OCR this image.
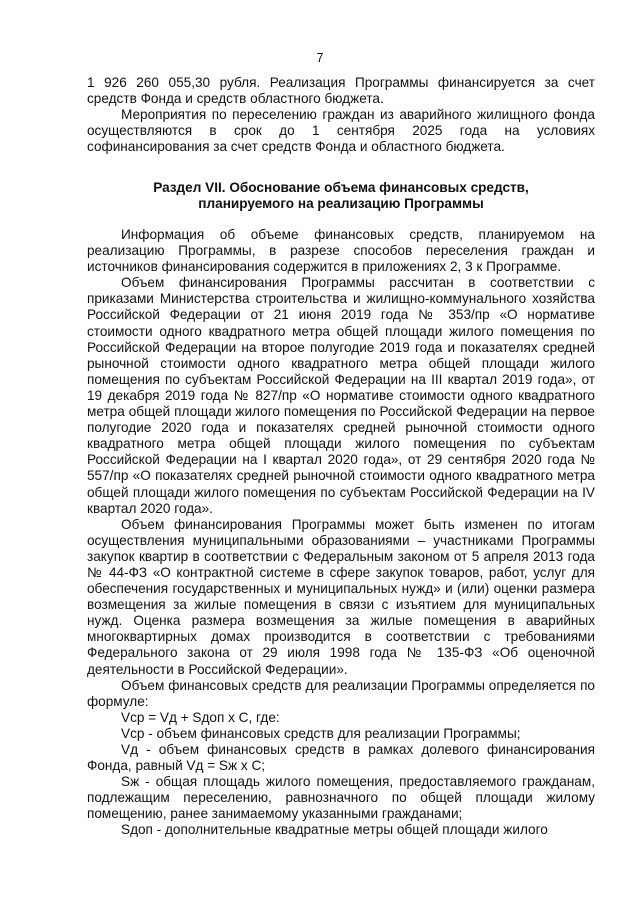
7

1 926 260 055,30 рубля. Реализация Программы финансируется за счет средств Фонда и средств областного бюджета.

Мероприятия по переселению граждан из аварийного жилищного фонда осуществляются в срок до 1 сентября 2025 года на условиях софинансирования за счет средств Фонда и областного бюджета.

Раздел VII. Обоснование объема финансовых средств, планируемого на реализацию Программы

Информация об объеме финансовых средств, планируемом на реализацию Программы, в разрезе способов переселения граждан и источников финансирования содержится в приложениях 2, 3 к Программе.

Объем финансирования Программы рассчитан в соответствии с приказами Министерства строительства и жилищно-коммунального хозяйства Российской Федерации от 21 июня 2019 года № 353/пр «О нормативе стоимости одного квадратного метра общей площади жилого помещения по Российской Федерации на второе полугодие 2019 года и показателях средней рыночной стоимости одного квадратного метра общей площади жилого помещения по субъектам Российской Федерации на III квартал 2019 года», от 19 декабря 2019 года № 827/пр «О нормативе стоимости одного квадратного метра общей площади жилого помещения по Российской Федерации на первое полугодие 2020 года и показателях средней рыночной стоимости одного квадратного метра общей площади жилого помещения по субъектам Российской Федерации на I квартал 2020 года», от 29 сентября 2020 года № 557/пр «О показателях средней рыночной стоимости одного квадратного метра общей площади жилого помещения по субъектам Российской Федерации на IV квартал 2020 года».

Объем финансирования Программы может быть изменен по итогам осуществления муниципальными образованиями – участниками Программы закупок квартир в соответствии с Федеральным законом от 5 апреля 2013 года № 44-ФЗ «О контрактной системе в сфере закупок товаров, работ, услуг для обеспечения государственных и муниципальных нужд» и (или) оценки размера возмещения за жилые помещения в связи с изъятием для муниципальных нужд. Оценка размера возмещения за жилые помещения в аварийных многоквартирных домах производится в соответствии с требованиями Федерального закона от 29 июля 1998 года № 135-ФЗ «Об оценочной деятельности в Российской Федерации».

Объем финансовых средств для реализации Программы определяется по формуле:

Vср = Vд + Sдоп х С, где:

Vср - объем финансовых средств для реализации Программы;

Vд - объем финансовых средств в рамках долевого финансирования Фонда, равный Vд = Sж х С;

Sж - общая площадь жилого помещения, предоставляемого гражданам, подлежащим переселению, равнозначного по общей площади жилому помещению, ранее занимаемому указанными гражданами;

Sдоп - дополнительные квадратные метры общей площади жилого
